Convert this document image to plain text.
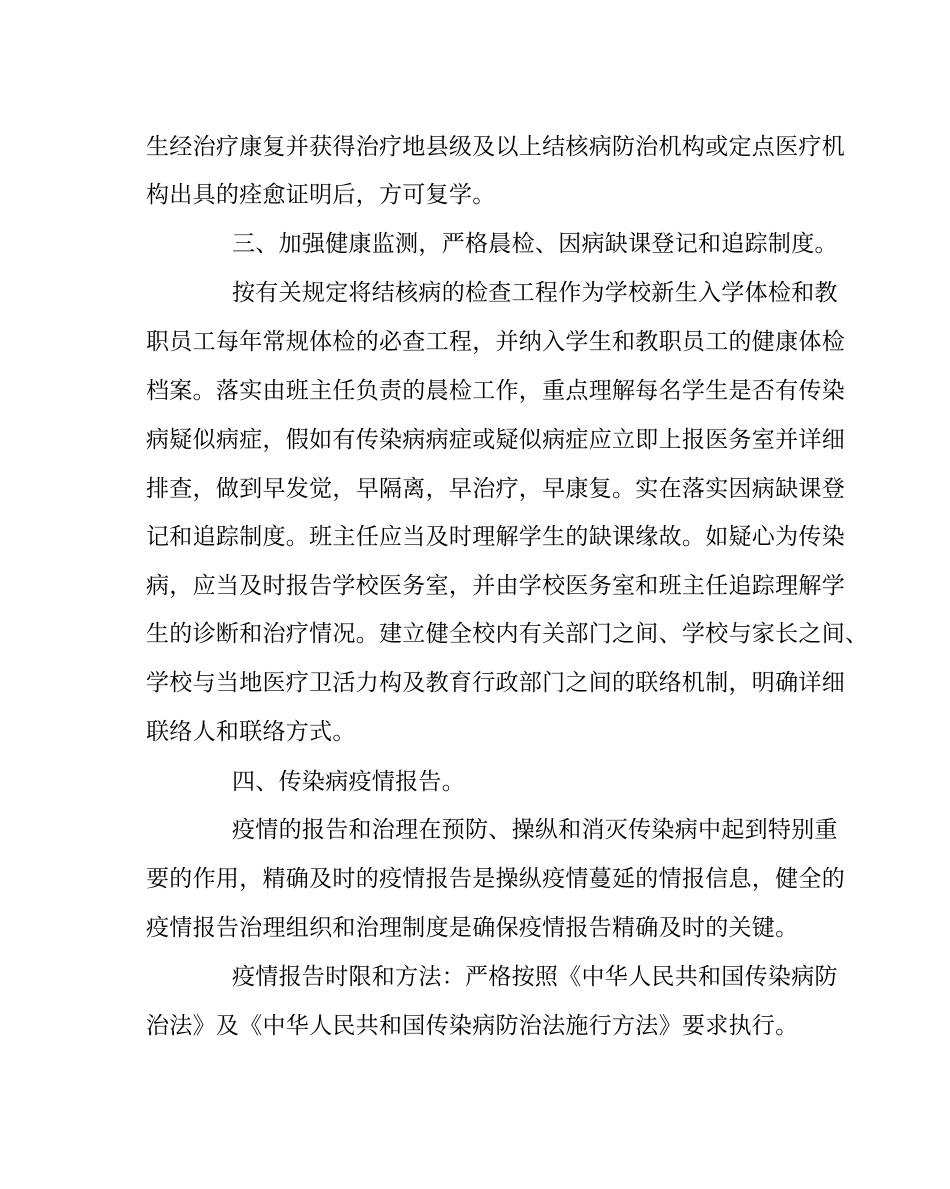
生经治疗康复并获得治疗地县级及以上结核病防治机构或定点医疗机
构出具的痊愈证明后，方可复学。
三、加强健康监测，严格晨检、因病缺课登记和追踪制度。
按有关规定将结核病的检查工程作为学校新生入学体检和教
职员工每年常规体检的必查工程，并纳入学生和教职员工的健康体检
档案。落实由班主任负责的晨检工作，重点理解每名学生是否有传染
病疑似病症，假如有传染病病症或疑似病症应立即上报医务室并详细
排查，做到早发觉，早隔离，早治疗，早康复。实在落实因病缺课登
记和追踪制度。班主任应当及时理解学生的缺课缘故。如疑心为传染
病，应当及时报告学校医务室，并由学校医务室和班主任追踪理解学
生的诊断和治疗情况。建立健全校内有关部门之间、学校与家长之间、
学校与当地医疗卫活力构及教育行政部门之间的联络机制，明确详细
联络人和联络方式。
四、传染病疫情报告。
疫情的报告和治理在预防、操纵和消灭传染病中起到特别重
要的作用，精确及时的疫情报告是操纵疫情蔓延的情报信息，健全的
疫情报告治理组织和治理制度是确保疫情报告精确及时的关键。
疫情报告时限和方法：严格按照《中华人民共和国传染病防
治法》及《中华人民共和国传染病防治法施行方法》要求执行。
